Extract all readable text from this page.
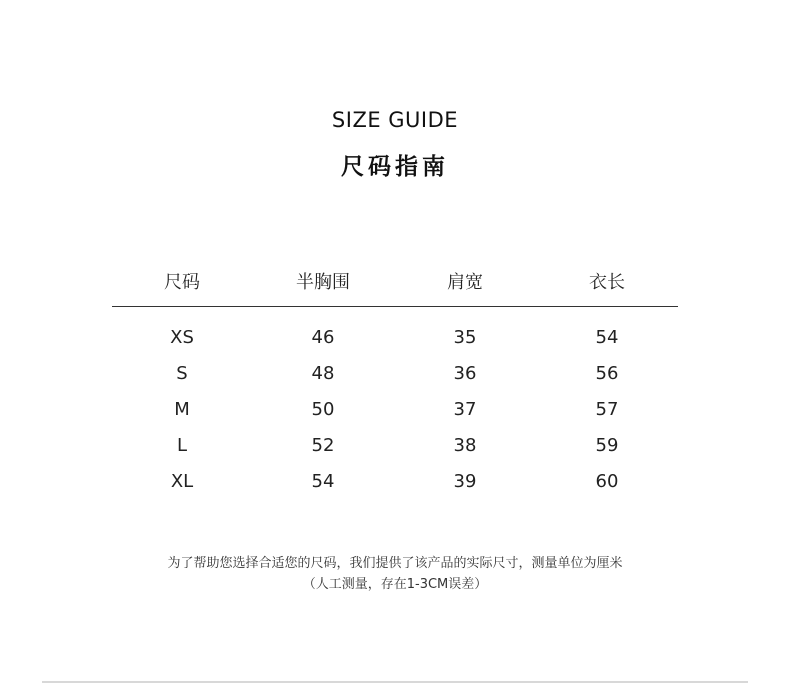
SIZE GUIDE
尺码指南
尺码	半胸围	肩宽	衣长
XS	46	35	54
S	48	36	56
M	50	37	57
L	52	38	59
XL	54	39	60
为了帮助您选择合适您的尺码，我们提供了该产品的实际尺寸，测量单位为厘米
（人工测量，存在1-3CM误差）
